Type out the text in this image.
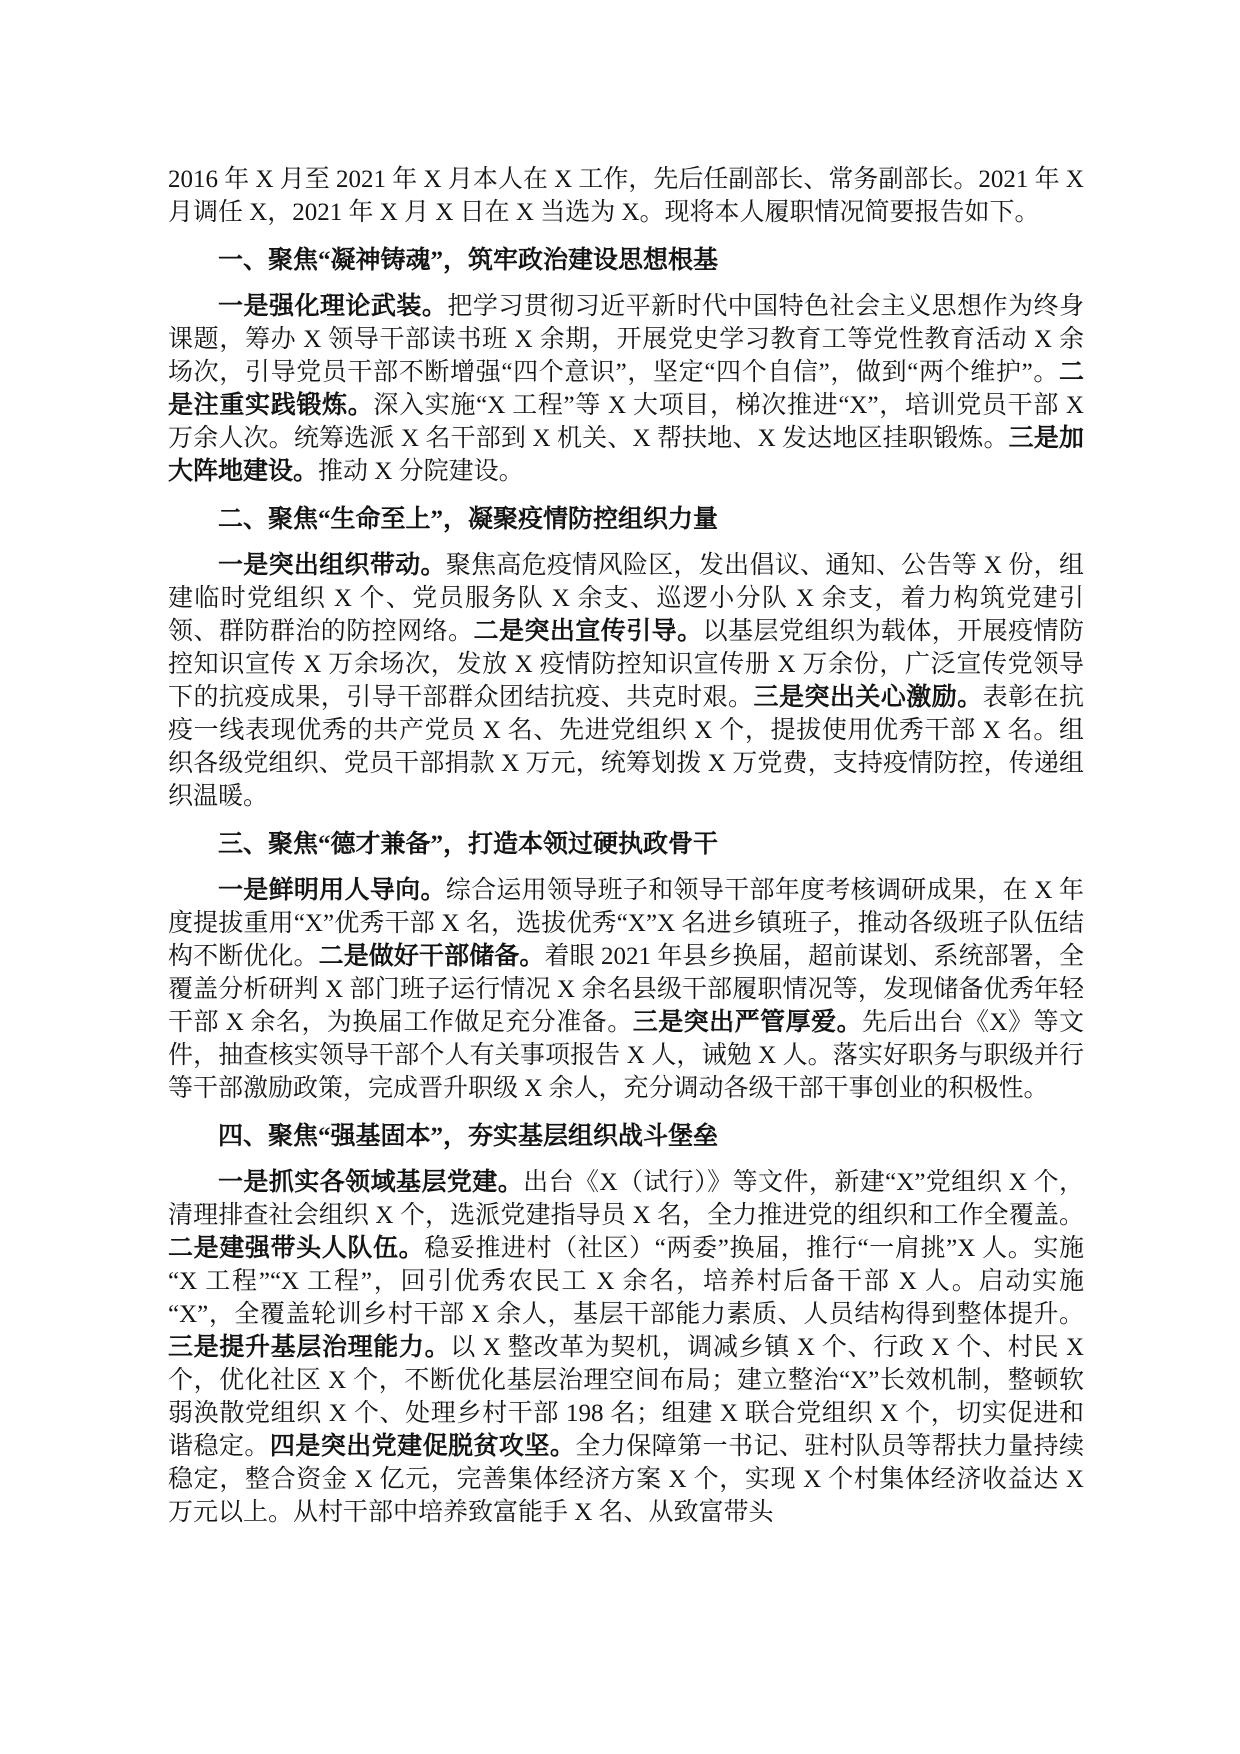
2016 年 X 月至 2021 年 X 月本人在 X 工作，先后任副部长、常务副部长。2021 年 X 月调任 X，2021 年 X 月 X 日在 X 当选为 X。现将本人履职情况简要报告如下。

一、聚焦“凝神铸魂”，筑牢政治建设思想根基

一是强化理论武装。把学习贯彻习近平新时代中国特色社会主义思想作为终身课题，筹办 X 领导干部读书班 X 余期，开展党史学习教育工等党性教育活动 X 余场次，引导党员干部不断增强“四个意识”，坚定“四个自信”，做到“两个维护”。二是注重实践锻炼。深入实施“X 工程”等 X 大项目，梯次推进“X”，培训党员干部 X 万余人次。统筹选派 X 名干部到 X 机关、X 帮扶地、X 发达地区挂职锻炼。三是加大阵地建设。推动 X 分院建设。

二、聚焦“生命至上”，凝聚疫情防控组织力量

一是突出组织带动。聚焦高危疫情风险区，发出倡议、通知、公告等 X 份，组建临时党组织 X 个、党员服务队 X 余支、巡逻小分队 X 余支，着力构筑党建引领、群防群治的防控网络。二是突出宣传引导。以基层党组织为载体，开展疫情防控知识宣传 X 万余场次，发放 X 疫情防控知识宣传册 X 万余份，广泛宣传党领导下的抗疫成果，引导干部群众团结抗疫、共克时艰。三是突出关心激励。表彰在抗疫一线表现优秀的共产党员 X 名、先进党组织 X 个，提拔使用优秀干部 X 名。组织各级党组织、党员干部捐款 X 万元，统筹划拨 X 万党费，支持疫情防控，传递组织温暖。

三、聚焦“德才兼备”，打造本领过硬执政骨干

一是鲜明用人导向。综合运用领导班子和领导干部年度考核调研成果，在 X 年度提拔重用“X”优秀干部 X 名，选拔优秀“X”X 名进乡镇班子，推动各级班子队伍结构不断优化。二是做好干部储备。着眼 2021 年县乡换届，超前谋划、系统部署，全覆盖分析研判 X 部门班子运行情况 X 余名县级干部履职情况等，发现储备优秀年轻干部 X 余名，为换届工作做足充分准备。三是突出严管厚爱。先后出台《X》等文件，抽查核实领导干部个人有关事项报告 X 人，诫勉 X 人。落实好职务与职级并行等干部激励政策，完成晋升职级 X 余人，充分调动各级干部干事创业的积极性。

四、聚焦“强基固本”，夯实基层组织战斗堡垒

一是抓实各领域基层党建。出台《X（试行）》等文件，新建“X”党组织 X 个，清理排查社会组织 X 个，选派党建指导员 X 名，全力推进党的组织和工作全覆盖。二是建强带头人队伍。稳妥推进村（社区）“两委”换届，推行“一肩挑”X 人。实施“X 工程”“X 工程”，回引优秀农民工 X 余名，培养村后备干部 X 人。启动实施“X”，全覆盖轮训乡村干部 X 余人，基层干部能力素质、人员结构得到整体提升。三是提升基层治理能力。以 X 整改革为契机，调减乡镇 X 个、行政 X 个、村民 X 个，优化社区 X 个，不断优化基层治理空间布局；建立整治“X”长效机制，整顿软弱涣散党组织 X 个、处理乡村干部 198 名；组建 X 联合党组织 X 个，切实促进和谐稳定。四是突出党建促脱贫攻坚。全力保障第一书记、驻村队员等帮扶力量持续稳定，整合资金 X 亿元，完善集体经济方案 X 个，实现 X 个村集体经济收益达 X 万元以上。从村干部中培养致富能手 X 名、从致富带头
